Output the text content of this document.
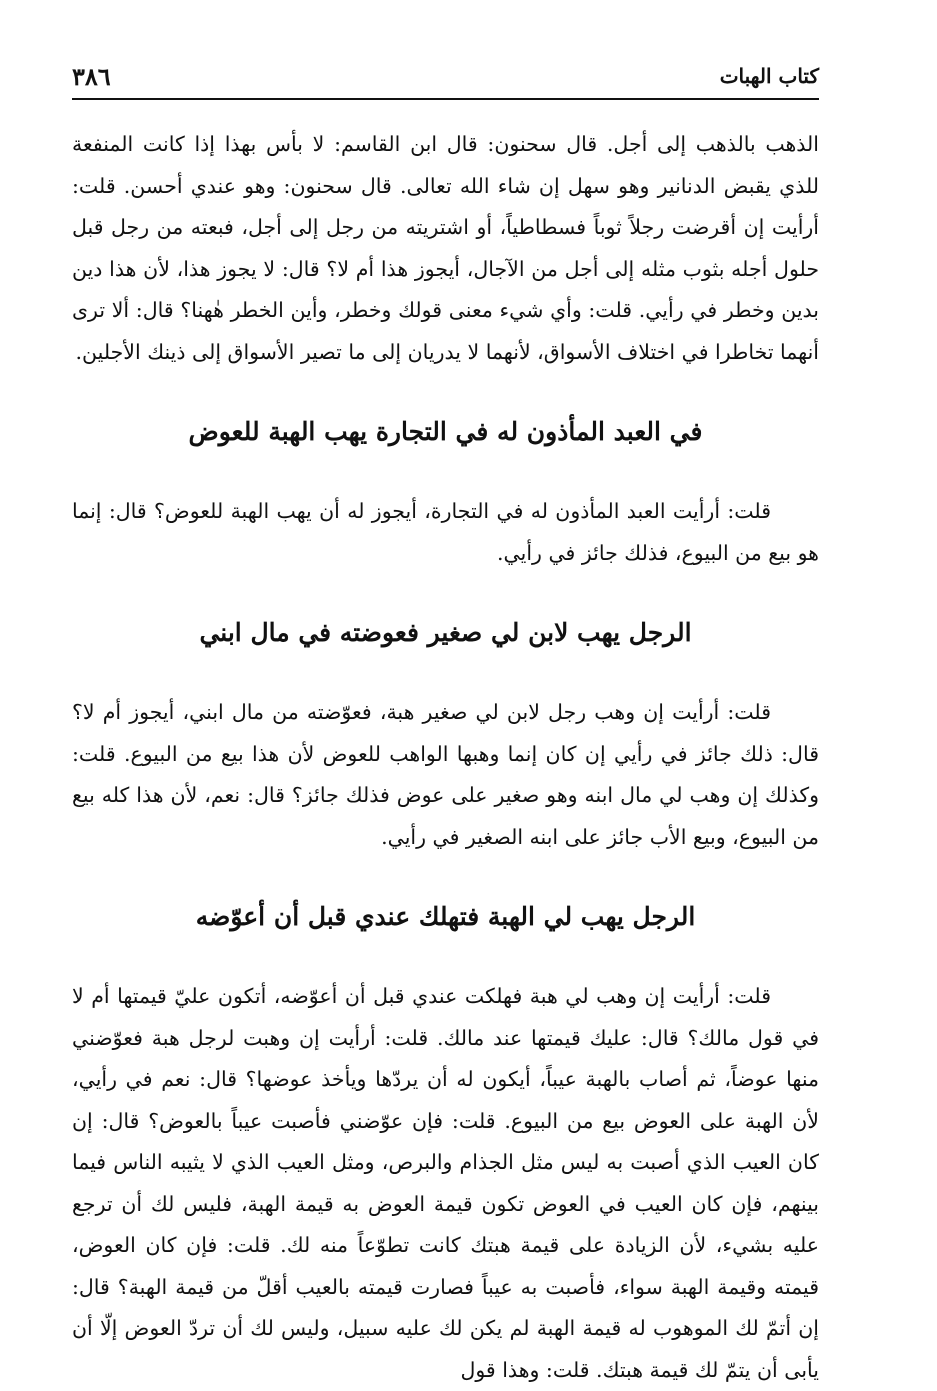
كتاب الهبات
٣٨٦

الذهب بالذهب إلى أجل. قال سحنون: قال ابن القاسم: لا بأس بهذا إذا كانت المنفعة للذي يقبض الدنانير وهو سهل إن شاء الله تعالى. قال سحنون: وهو عندي أحسن. قلت: أرأيت إن أقرضت رجلاً ثوباً فسطاطياً، أو اشتريته من رجل إلى أجل، فبعته من رجل قبل حلول أجله بثوب مثله إلى أجل من الآجال، أيجوز هذا أم لا؟ قال: لا يجوز هذا، لأن هذا دين بدين وخطر في رأيي. قلت: وأي شيء معنى قولك وخطر، وأين الخطر هٰهنا؟ قال: ألا ترى أنهما تخاطرا في اختلاف الأسواق، لأنهما لا يدريان إلى ما تصير الأسواق إلى ذينك الأجلين.

في العبد المأذون له في التجارة يهب الهبة للعوض

قلت: أرأيت العبد المأذون له في التجارة، أيجوز له أن يهب الهبة للعوض؟ قال: إنما هو بيع من البيوع، فذلك جائز في رأيي.

الرجل يهب لابن لي صغير فعوضته في مال ابني

قلت: أرأيت إن وهب رجل لابن لي صغير هبة، فعوّضته من مال ابني، أيجوز أم لا؟ قال: ذلك جائز في رأيي إن كان إنما وهبها الواهب للعوض لأن هذا بيع من البيوع. قلت: وكذلك إن وهب لي مال ابنه وهو صغير على عوض فذلك جائز؟ قال: نعم، لأن هذا كله بيع من البيوع، وبيع الأب جائز على ابنه الصغير في رأيي.

الرجل يهب لي الهبة فتهلك عندي قبل أن أعوّضه

قلت: أرأيت إن وهب لي هبة فهلكت عندي قبل أن أعوّضه، أتكون عليّ قيمتها أم لا في قول مالك؟ قال: عليك قيمتها عند مالك. قلت: أرأيت إن وهبت لرجل هبة فعوّضني منها عوضاً، ثم أصاب بالهبة عيباً، أيكون له أن يردّها ويأخذ عوضها؟ قال: نعم في رأيي، لأن الهبة على العوض بيع من البيوع. قلت: فإن عوّضني فأصبت عيباً بالعوض؟ قال: إن كان العيب الذي أصبت به ليس مثل الجذام والبرص، ومثل العيب الذي لا يثيبه الناس فيما بينهم، فإن كان العيب في العوض تكون قيمة العوض به قيمة الهبة، فليس لك أن ترجع عليه بشيء، لأن الزيادة على قيمة هبتك كانت تطوّعاً منه لك. قلت: فإن كان العوض، قيمته وقيمة الهبة سواء، فأصبت به عيباً فصارت قيمته بالعيب أقلّ من قيمة الهبة؟ قال: إن أتمّ لك الموهوب له قيمة الهبة لم يكن لك عليه سبيل، وليس لك أن تردّ العوض إلّا أن يأبى أن يتمّ لك قيمة هبتك. قلت: وهذا قول
